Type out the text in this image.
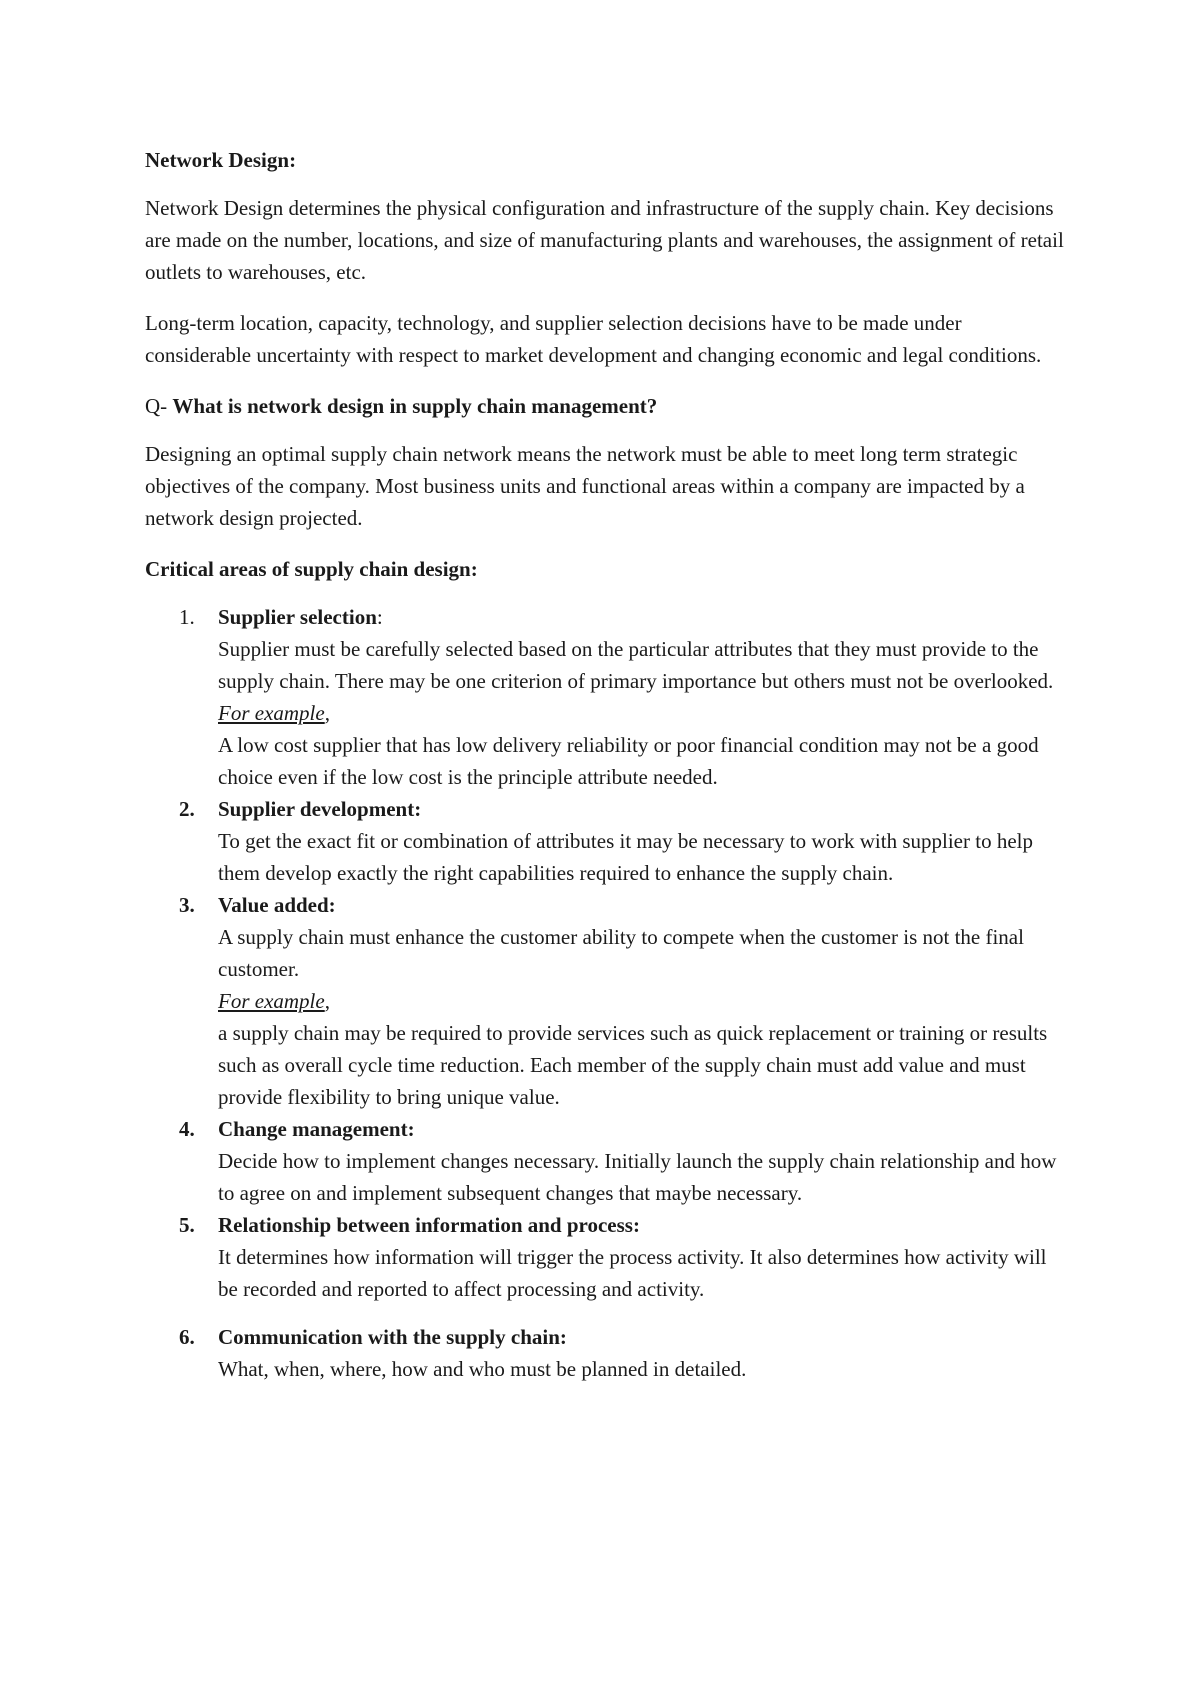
Network Design:

Network Design determines the physical configuration and infrastructure of the supply chain. Key decisions are made on the number, locations, and size of manufacturing plants and warehouses, the assignment of retail outlets to warehouses, etc.

Long-term location, capacity, technology, and supplier selection decisions have to be made under considerable uncertainty with respect to market development and changing economic and legal conditions.

Q- What is network design in supply chain management?

Designing an optimal supply chain network means the network must be able to meet long term strategic objectives of the company. Most business units and functional areas within a company are impacted by a network design projected.

Critical areas of supply chain design:

1. Supplier selection:

Supplier must be carefully selected based on the particular attributes that they must provide to the supply chain. There may be one criterion of primary importance but others must not be overlooked.

For example,

A low cost supplier that has low delivery reliability or poor financial condition may not be a good choice even if the low cost is the principle attribute needed.

2. Supplier development:

To get the exact fit or combination of attributes it may be necessary to work with supplier to help them develop exactly the right capabilities required to enhance the supply chain.

3. Value added:

A supply chain must enhance the customer ability to compete when the customer is not the final customer.

For example,

a supply chain may be required to provide services such as quick replacement or training or results such as overall cycle time reduction. Each member of the supply chain must add value and must provide flexibility to bring unique value.

4. Change management:

Decide how to implement changes necessary. Initially launch the supply chain relationship and how to agree on and implement subsequent changes that maybe necessary.

5. Relationship between information and process:

It determines how information will trigger the process activity. It also determines how activity will be recorded and reported to affect processing and activity.

6. Communication with the supply chain:

What, when, where, how and who must be planned in detailed.
